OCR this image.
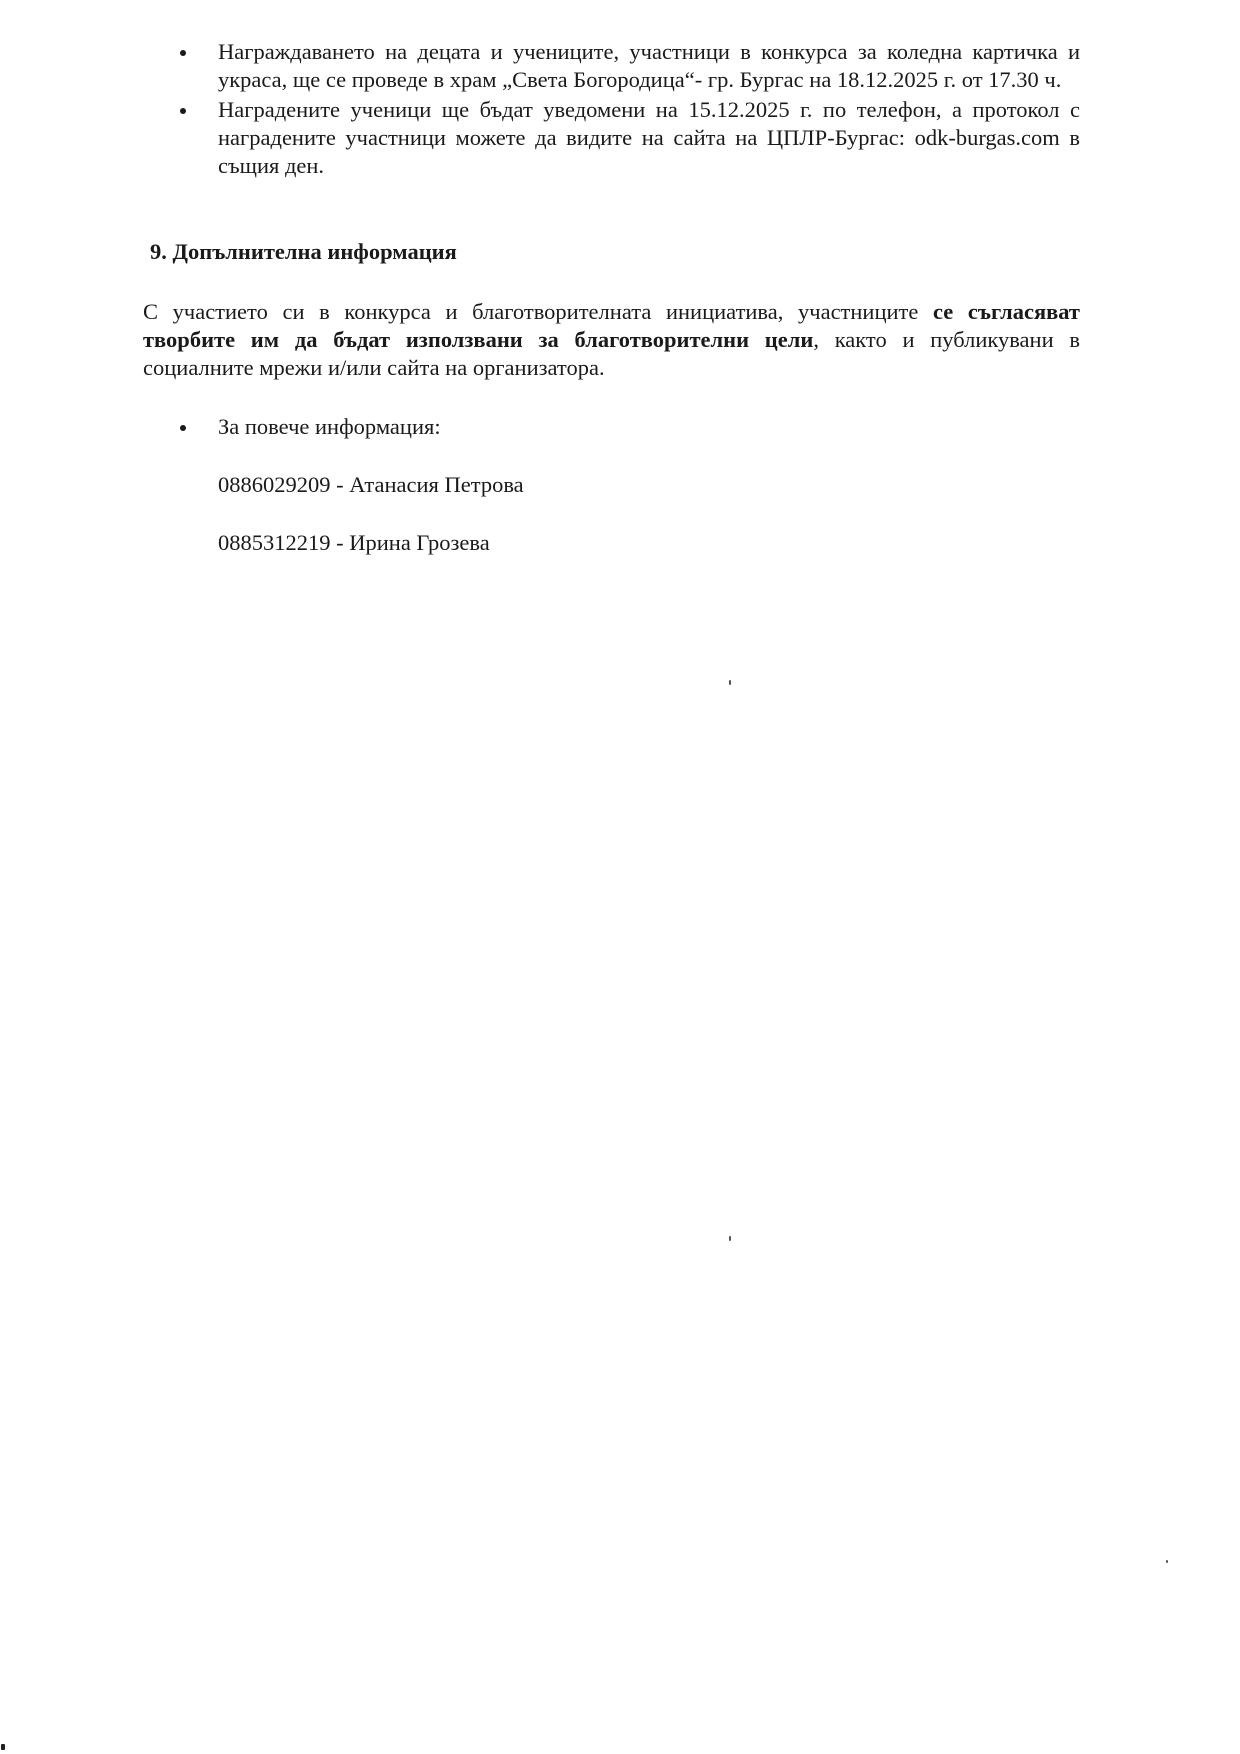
Награждаването на децата и учениците, участници в конкурса за коледна картичка и украса, ще се проведе в храм „Света Богородица“- гр. Бургас на 18.12.2025 г. от 17.30 ч.
Наградените ученици ще бъдат уведомени на 15.12.2025 г. по телефон, а протокол с наградените участници можете да видите на сайта на ЦПЛР-Бургас: odk-burgas.com в същия ден.
9. Допълнителна информация

С участието си в конкурса и благотворителната инициатива, участниците се съгласяват творбите им да бъдат използвани за благотворителни цели, както и публикувани в социалните мрежи и/или сайта на организатора.

За повече информация:
0886029209 - Атанасия Петрова
0885312219 - Ирина Грозева
